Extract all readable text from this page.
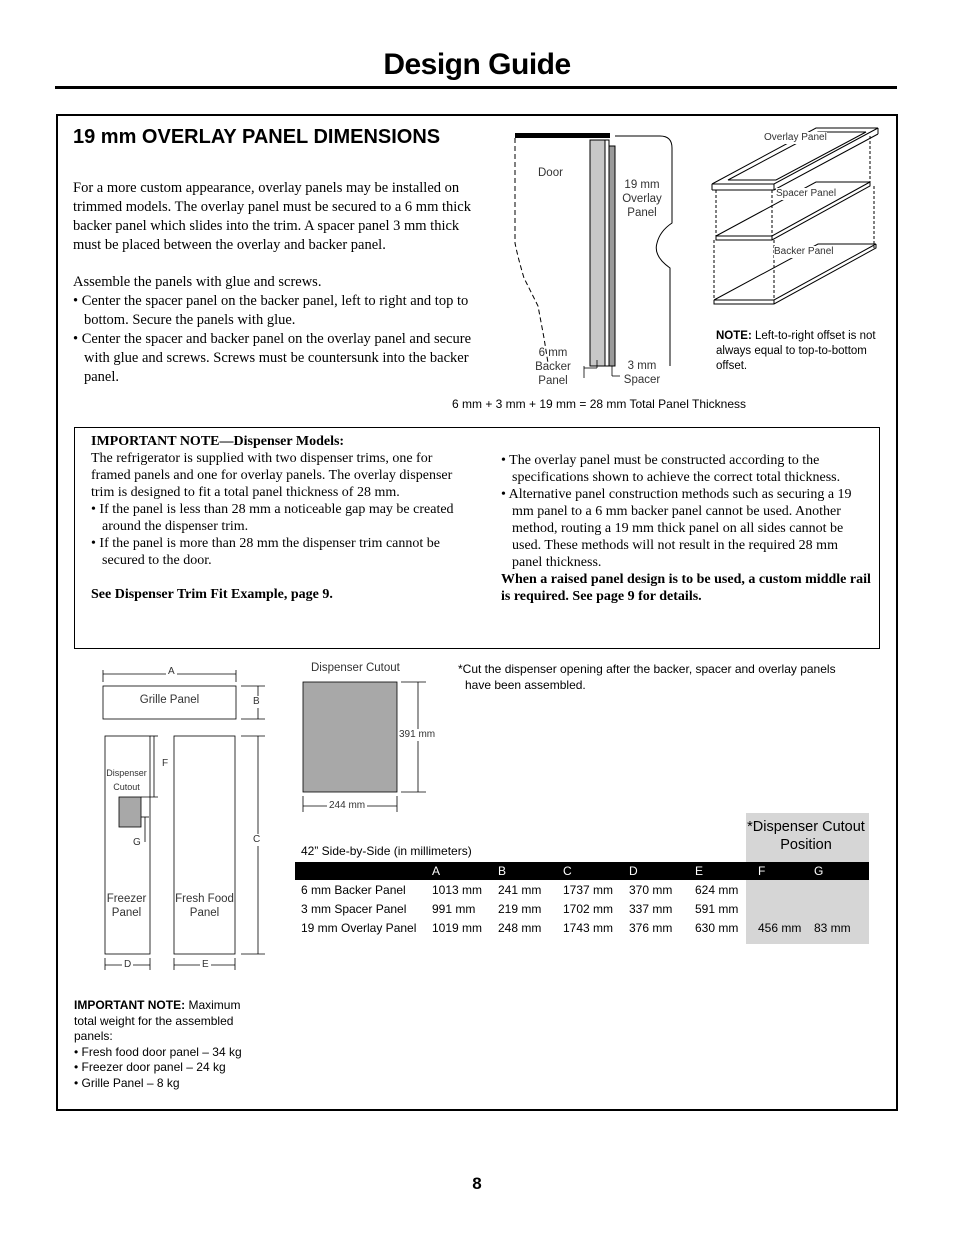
Design Guide
19 mm OVERLAY PANEL DIMENSIONS
For a more custom appearance, overlay panels may be installed on trimmed models. The overlay panel must be secured to a 6 mm thick backer panel which slides into the trim. A spacer panel 3 mm thick must be placed between the overlay and backer panel.
Assemble the panels with glue and screws.
• Center the spacer panel on the backer panel, left to right and top to bottom. Secure the panels with glue.
• Center the spacer and backer panel on the overlay panel and secure with glue and screws. Screws must be countersunk into the backer panel.
Door
19 mm
Overlay
Panel
6 mm
Backer
Panel
3 mm
Spacer
6 mm + 3 mm + 19 mm = 28 mm Total Panel Thickness
Overlay Panel
Spacer Panel
Backer Panel
NOTE: Left-to-right offset is not always equal to top-to-bottom offset.
IMPORTANT NOTE—Dispenser Models:
The refrigerator is supplied with two dispenser trims, one for framed panels and one for overlay panels. The overlay dispenser trim is designed to fit a total panel thickness of 28 mm.
• If the panel is less than 28 mm a noticeable gap may be created around the dispenser trim.
• If the panel is more than 28 mm the dispenser trim cannot be secured to the door.
See Dispenser Trim Fit Example, page 9.
• The overlay panel must be constructed according to the specifications shown to achieve the correct total thickness.
• Alternative panel construction methods such as securing a 19 mm panel to a 6 mm backer panel cannot be used. Another method, routing a 19 mm thick panel on all sides cannot be used. These methods will not result in the required 28 mm panel thickness.
When a raised panel design is to be used, a custom middle rail is required. See page 9 for details.
A
B
C
D	E
F
G
Grille Panel
Dispenser
Cutout
Freezer
Panel
Fresh Food
Panel
Dispenser Cutout
391 mm
244 mm
*Cut the dispenser opening after the backer, spacer and overlay panels have been assembled.
*Dispenser Cutout Position
42” Side-by-Side (in millimeters)
	A	B	C	D	E	F	G
6 mm Backer Panel	1013 mm	241 mm	1737 mm	370 mm	624 mm		
3 mm Spacer Panel	991 mm	219 mm	1702 mm	337 mm	591 mm		
19 mm Overlay Panel	1019 mm	248 mm	1743 mm	376 mm	630 mm	456 mm	83 mm
IMPORTANT NOTE: Maximum total weight for the assembled panels:
• Fresh food door panel – 34 kg
• Freezer door panel – 24 kg
• Grille Panel – 8 kg
8
